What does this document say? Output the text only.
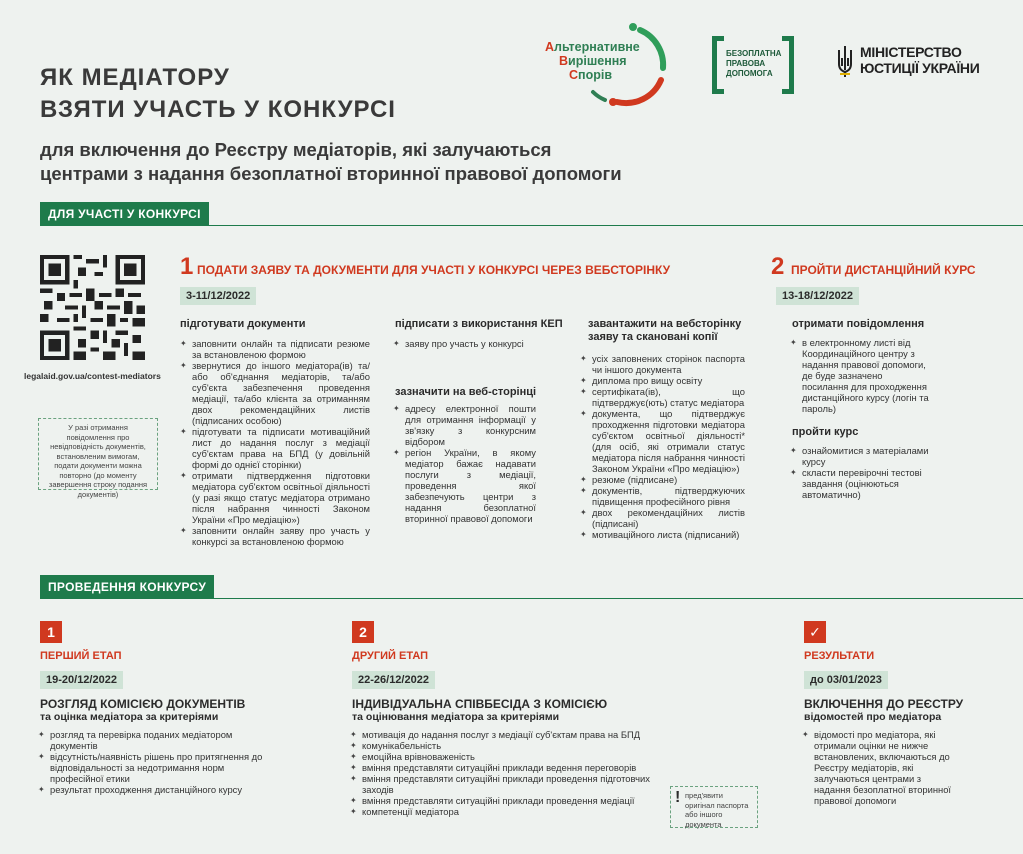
ЯК МЕДІАТОРУ
ВЗЯТИ УЧАСТЬ У КОНКУРСІ
для включення до Реєстру медіаторів, які залучаються
центрами з надання безоплатної вторинної правової допомоги
Альтернативне
Вирішення
Спорів
БЕЗОПЛАТНА
ПРАВОВА
ДОПОМОГА
МІНІСТЕРСТВО
ЮСТИЦІЇ УКРАЇНИ
ДЛЯ УЧАСТІ У КОНКУРСІ
legalaid.gov.ua/contest-mediators
У разі отримання повідомлення про невідповідність документів, встановленим вимогам, подати документи можна повторно (до моменту завершення строку подання документів)
1 ПОДАТИ ЗАЯВУ ТА ДОКУМЕНТИ ДЛЯ УЧАСТІ У КОНКУРСІ ЧЕРЕЗ ВЕБСТОРІНКУ
3-11/12/2022
підготувати документи
✦ заповнити онлайн та підписати резюме за встановленою формою
✦ звернутися до іншого медіатора(ів) та/або об'єднання медіаторів, та/або суб'єкта забезпечення проведення медіації, та/або клієнта за отриманням двох рекомендаційних листів (підписаних особою)
✦ підготувати та підписати мотиваційний лист до надання послуг з медіації суб'єктам права на БПД (у довільній формі до однієї сторінки)
✦ отримати підтвердження підготовки медіатора суб'єктом освітньої діяльності (у разі якщо статус медіатора отримано після набрання чинності Законом України «Про медіацію»)
✦ заповнити онлайн заяву про участь у конкурсі за встановленою формою
підписати з використання КЕП
✦ заяву про участь у конкурсі
зазначити на веб-сторінці
✦ адресу електронної пошти для отримання інформації у зв'язку з конкурсним відбором
✦ регіон України, в якому медіатор бажає надавати послуги з медіації, проведення якої забезпечують центри з надання безоплатної вторинної правової допомоги
завантажити на вебсторінку заяву та скановані копії
✦ усіх заповнених сторінок паспорта чи іншого документа
✦ диплома про вищу освіту
✦ сертифіката(ів), що підтверджує(ють) статус медіатора
✦ документа, що підтверджує проходження підготовки медіатора суб'єктом освітньої діяльності* (для осіб, які отримали статус медіатора після набрання чинності Законом України «Про медіацію»)
✦ резюме (підписане)
✦ документів, підтверджуючих підвищення професійного рівня
✦ двох рекомендаційних листів (підписані)
✦ мотиваційного листа (підписаний)
2 ПРОЙТИ ДИСТАНЦІЙНИЙ КУРС
13-18/12/2022
отримати повідомлення
✦ в електронному листі від Координаційного центру з надання правової допомоги, де буде зазначено посилання для проходження дистанційного курсу (логін та пароль)
пройти курс
✦ ознайомитися з матеріалами курсу
✦ скласти перевірочні тестові завдання (оцінюються автоматично)
ПРОВЕДЕННЯ КОНКУРСУ
1
ПЕРШИЙ ЕТАП
19-20/12/2022
РОЗГЛЯД КОМІСІЄЮ ДОКУМЕНТІВ
та оцінка медіатора за критеріями
✦ розгляд та перевірка поданих медіатором документів
✦ відсутність/наявність рішень про притягнення до відповідальності за недотримання норм професійної етики
✦ результат проходження дистанційного курсу
2
ДРУГИЙ ЕТАП
22-26/12/2022
ІНДИВІДУАЛЬНА СПІВБЕСІДА З КОМІСІЄЮ
та оцінювання медіатора за критеріями
✦ мотивація до надання послуг з медіації суб'єктам права на БПД
✦ комунікабельність
✦ емоційна врівноваженість
✦ вміння представляти ситуаційні приклади ведення переговорів
✦ вміння представляти ситуаційні приклади проведення підготовчих заходів
✦ вміння представляти ситуаційні приклади проведення медіації
✦ компетенції медіатора
! пред'явити оригінал паспорта або іншого документа
✓
РЕЗУЛЬТАТИ
до 03/01/2023
ВКЛЮЧЕННЯ ДО РЕЄСТРУ
відомостей про медіатора
✦ відомості про медіатора, які отримали оцінки не нижче встановлених, включаються до Реєстру медіаторів, які залучаються центрами з надання безоплатної вторинної правової допомоги
